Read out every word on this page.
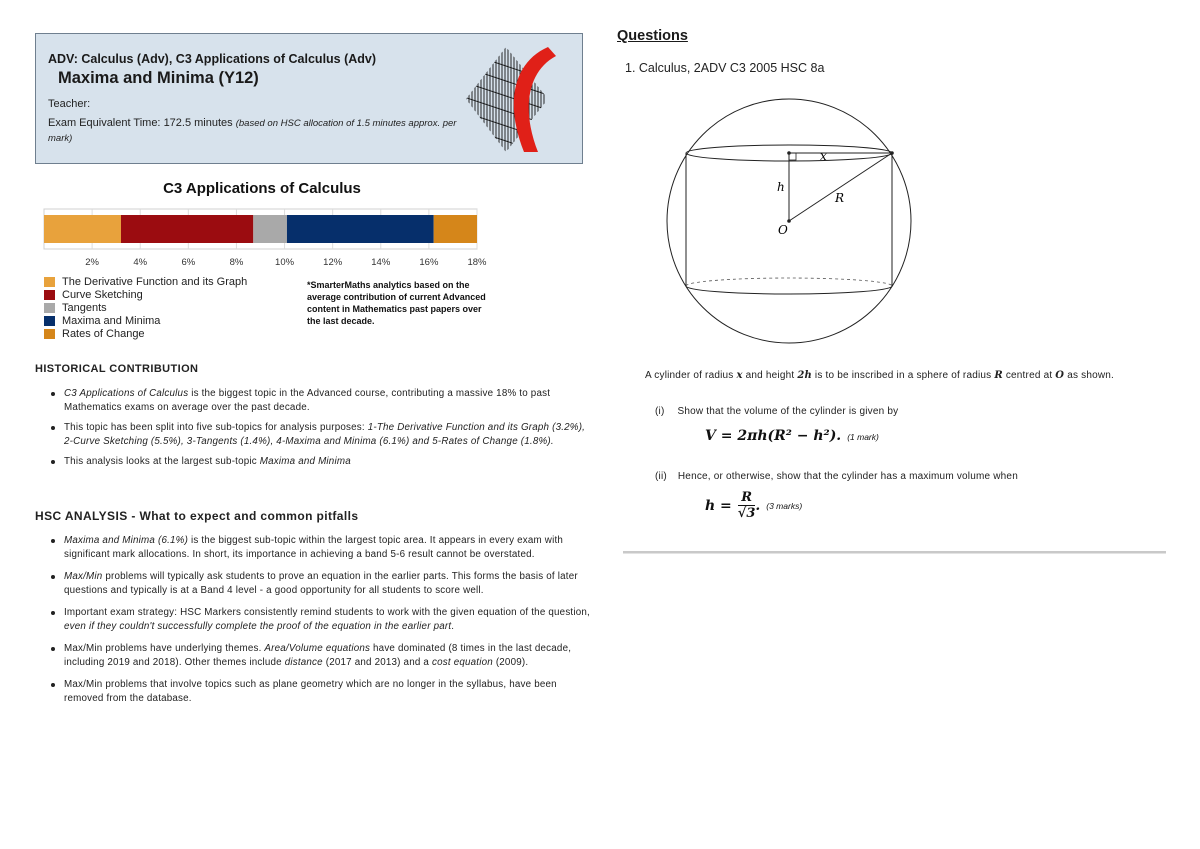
ADV: Calculus (Adv), C3 Applications of Calculus (Adv)
Maxima and Minima (Y12)
Teacher:
Exam Equivalent Time: 172.5 minutes (based on HSC allocation of 1.5 minutes approx. per mark)
C3 Applications of Calculus
2%	4%	6%	8%	10%	12%	14%	16%	18%
The Derivative Function and its Graph
Curve Sketching
Tangents
Maxima and Minima
Rates of Change
*SmarterMaths analytics based on the average contribution of current Advanced content in Mathematics past papers over the last decade.
HISTORICAL CONTRIBUTION
C3 Applications of Calculus is the biggest topic in the Advanced course, contributing a massive 18% to past Mathematics exams on average over the past decade.
This topic has been split into five sub-topics for analysis purposes: 1-The Derivative Function and its Graph (3.2%), 2-Curve Sketching (5.5%), 3-Tangents (1.4%), 4-Maxima and Minima (6.1%) and 5-Rates of Change (1.8%).
This analysis looks at the largest sub-topic Maxima and Minima
HSC ANALYSIS - What to expect and common pitfalls
Maxima and Minima (6.1%) is the biggest sub-topic within the largest topic area. It appears in every exam with significant mark allocations. In short, its importance in achieving a band 5-6 result cannot be overstated.
Max/Min problems will typically ask students to prove an equation in the earlier parts. This forms the basis of later questions and typically is at a Band 4 level - a good opportunity for all students to score well.
Important exam strategy: HSC Markers consistently remind students to work with the given equation of the question, even if they couldn't successfully complete the proof of the equation in the earlier part.
Max/Min problems have underlying themes. Area/Volume equations have dominated (8 times in the last decade, including 2019 and 2018). Other themes include distance (2017 and 2013) and a cost equation (2009).
Max/Min problems that involve topics such as plane geometry which are no longer in the syllabus, have been removed from the database.
Questions
1. Calculus, 2ADV C3 2005 HSC 8a
x
h
R
O
A cylinder of radius x and height 2h is to be inscribed in a sphere of radius R centred at O as shown.
(i) Show that the volume of the cylinder is given by
V = 2πh(R² − h²). (1 mark)
(ii) Hence, or otherwise, show that the cylinder has a maximum volume when
$h = \frac{R}{√3}$ . (3 marks)
